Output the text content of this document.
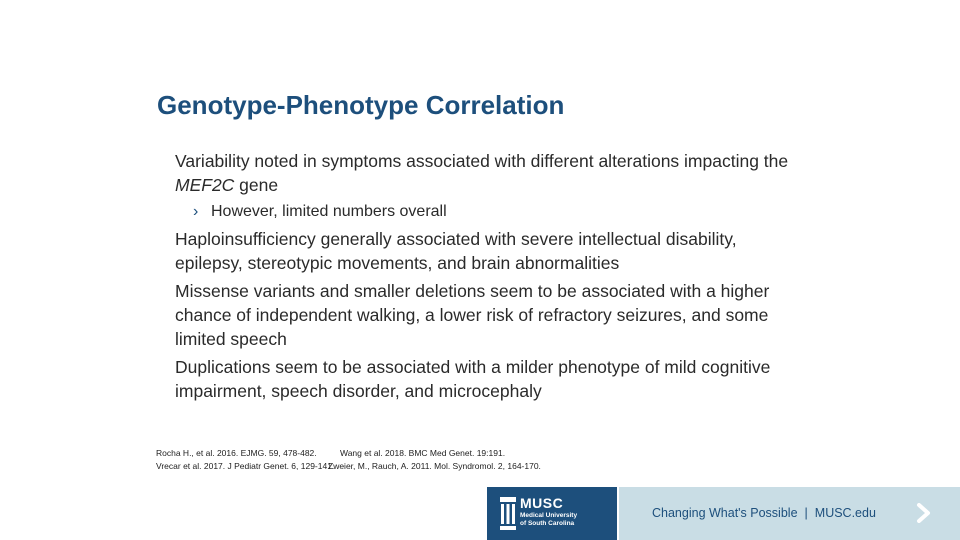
Genotype-Phenotype Correlation

Variability noted in symptoms associated with different alterations impacting the MEF2C gene

› However, limited numbers overall

Haploinsufficiency generally associated with severe intellectual disability, epilepsy, stereotypic movements, and brain abnormalities

Missense variants and smaller deletions seem to be associated with a higher chance of independent walking, a lower risk of refractory seizures, and some limited speech

Duplications seem to be associated with a milder phenotype of mild cognitive impairment, speech disorder, and microcephaly

Rocha H., et al. 2016. EJMG. 59, 478-482.	Wang et al. 2018. BMC Med Genet. 19:191.
Vrecar et al. 2017. J Pediatr Genet. 6, 129-141.
Zweier, M., Rauch, A. 2011. Mol. Syndromol. 2, 164-170.
MUSC
Medical University
of South Carolina
Changing What's Possible | MUSC.edu
